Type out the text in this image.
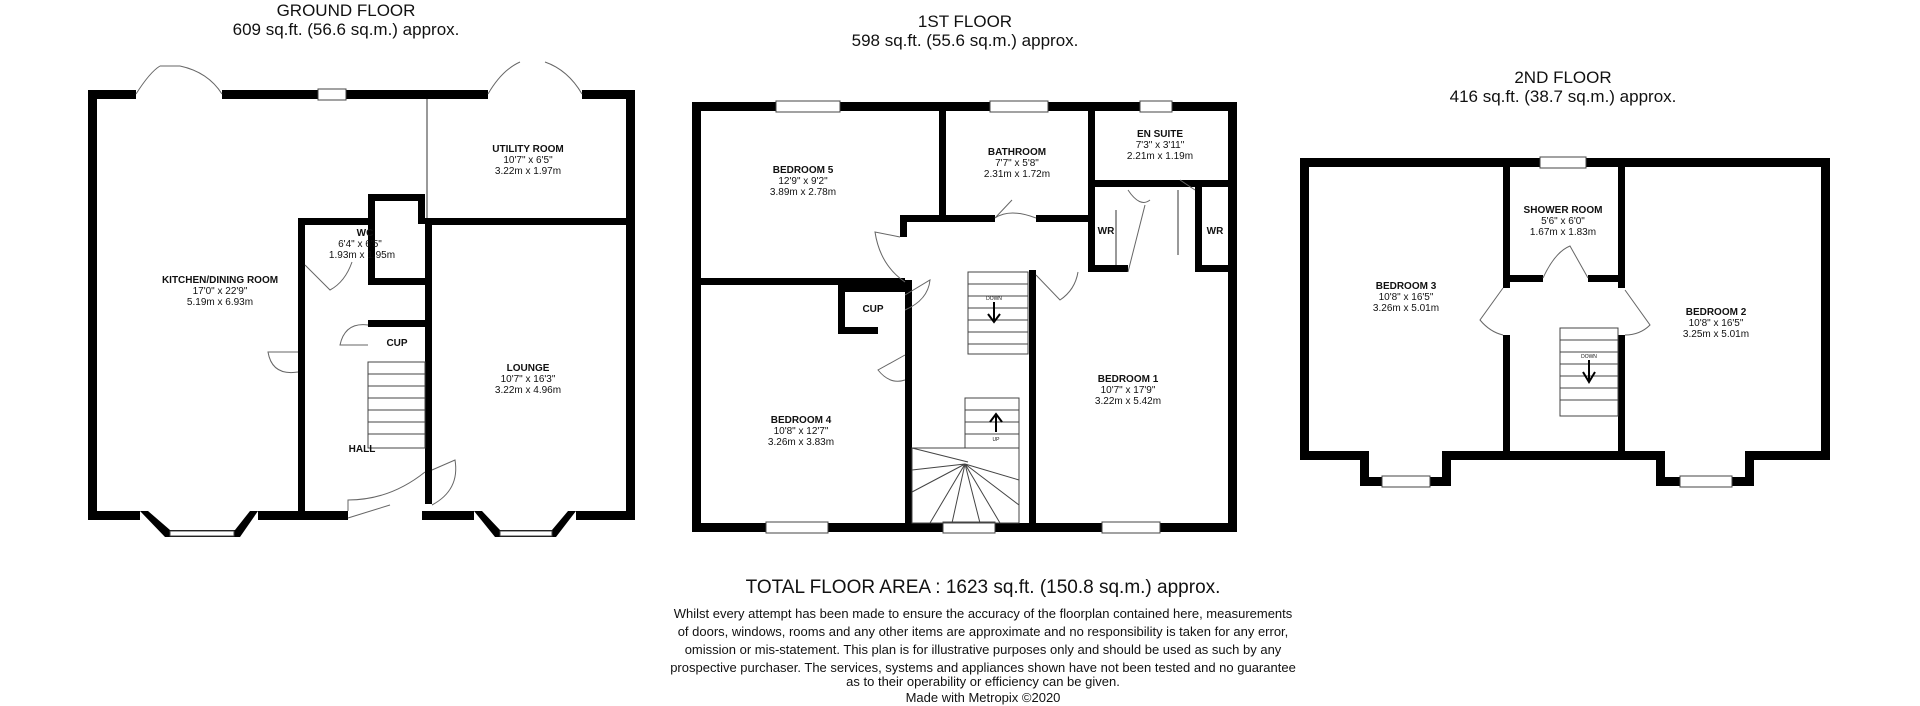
GROUND FLOOR
609 sq.ft. (56.6 sq.m.) approx.
KITCHEN/DINING ROOM
17'0" x 22'9"
5.19m x 6.93m
UTILITY ROOM
10'7" x 6'5"
3.22m x 1.97m
WC
6'4" x 6'5"
1.93m x 1.95m
LOUNGE
10'7" x 16'3"
3.22m x 4.96m
CUP
HALL
1ST FLOOR
598 sq.ft. (55.6 sq.m.) approx.
DOWN
UP
BEDROOM 5
12'9" x 9'2"
3.89m x 2.78m
BATHROOM
7'7" x 5'8"
2.31m x 1.72m
EN SUITE
7'3" x 3'11"
2.21m x 1.19m
BEDROOM 4
10'8" x 12'7"
3.26m x 3.83m
BEDROOM 1
10'7" x 17'9"
3.22m x 5.42m
CUP
WR	WR
2ND FLOOR
416 sq.ft. (38.7 sq.m.) approx.
DOWN
BEDROOM 3
10'8" x 16'5"
3.26m x 5.01m
SHOWER ROOM
5'6" x 6'0"
1.67m x 1.83m
BEDROOM 2
10'8" x 16'5"
3.25m x 5.01m
TOTAL FLOOR AREA : 1623 sq.ft. (150.8 sq.m.) approx.
Whilst every attempt has been made to ensure the accuracy of the floorplan contained here, measurements
of doors, windows, rooms and any other items are approximate and no responsibility is taken for any error,
omission or mis-statement. This plan is for illustrative purposes only and should be used as such by any
prospective purchaser. The services, systems and appliances shown have not been tested and no guarantee
as to their operability or efficiency can be given.
Made with Metropix ©2020
